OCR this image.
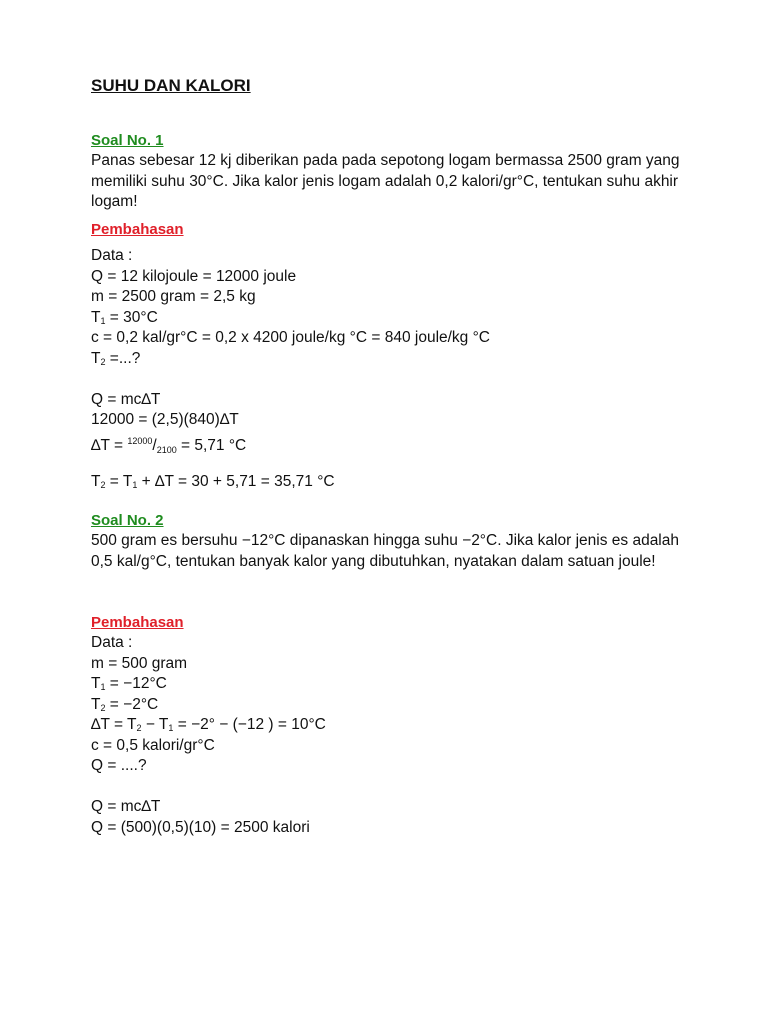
SUHU DAN KALORI
Soal No. 1
Panas sebesar 12 kj diberikan pada pada sepotong logam bermassa 2500 gram yang memiliki suhu 30°C. Jika kalor jenis logam adalah 0,2 kalori/gr°C, tentukan suhu akhir logam!
Pembahasan
Data :
Q = 12 kilojoule = 12000 joule
m = 2500 gram = 2,5 kg
$T_1 = 30^\circ C$
c = 0,2 kal/gr°C = 0,2 x 4200 joule/kg °C = 840 joule/kg °C
$T_2$ =...?
Q = mc∆T
12000 = (2,5)(840)∆T
∆T = $^{12000}$/2100 = 5,71 °C
$T_2 = T_1 + \Delta T = 30 + 5,71 = 35,71$ °C
Soal No. 2
500 gram es bersuhu −12°C dipanaskan hingga suhu −2°C. Jika kalor jenis es adalah 0,5 kal/g°C, tentukan banyak kalor yang dibutuhkan, nyatakan dalam satuan joule!
Pembahasan
Data :
m = 500 gram
$T_1 = -12^\circ C$
$T_2 = -2^\circ C$
$\Delta T = T_2 - T_1 = -2^\circ - (-12$ ) = 10°C
c = 0,5 kalori/gr°C
Q = ....?
Q = mc∆T
Q = (500)(0,5)(10) = 2500 kalori
